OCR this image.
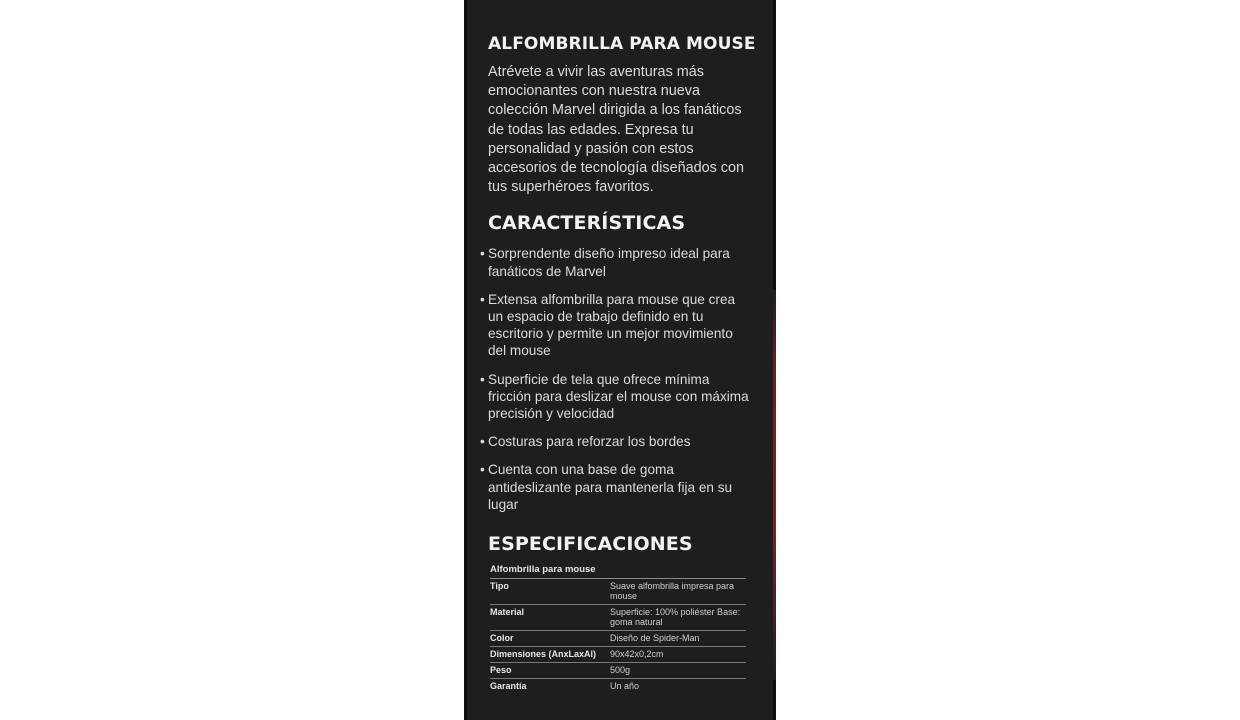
ALFOMBRILLA PARA MOUSE

Atrévete a vivir las aventuras más emocionantes con nuestra nueva colección Marvel dirigida a los fanáticos de todas las edades. Expresa tu personalidad y pasión con estos accesorios de tecnología diseñados con tus superhéroes favoritos.

CARACTERÍSTICAS
• Sorprendente diseño impreso ideal para fanáticos de Marvel
• Extensa alfombrilla para mouse que crea un espacio de trabajo definido en tu escritorio y permite un mejor movimiento del mouse
• Superficie de tela que ofrece mínima fricción para deslizar el mouse con máxima precisión y velocidad
• Costuras para reforzar los bordes
• Cuenta con una base de goma antideslizante para mantenerla fija en su lugar
ESPECIFICACIONES
Alfombrilla para mouse
Tipo	Suave alfombrilla impresa para mouse
Material	Superficie: 100% poliéster Base: goma natural
Color	Diseño de Spider-Man
Dimensiones (AnxLaxAl)	90x42x0,2cm
Peso	500g
Garantía	Un año
